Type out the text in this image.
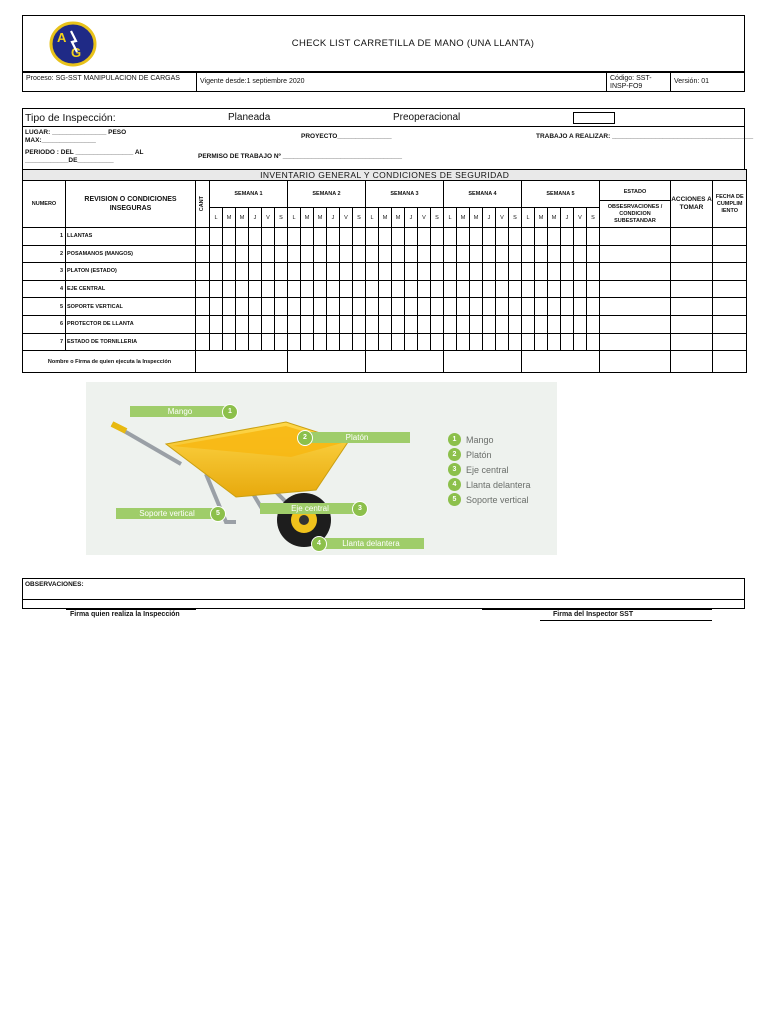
A
G
CHECK LIST CARRETILLA DE MANO (UNA LLANTA)
Proceso: SG-SST MANIPULACION DE CARGAS	Vigente desde:1 septiembre 2020	Código: SST-INSP-FO9
Versión: 01
Tipo de Inspección:	Planeada	Preoperacional
LUGAR: _______________ PESO MAX:_______________
PROYECTO_______________	TRABAJO A REALIZAR: _______________________________________
PERIODO : DEL ________________ AL ____________DE__________
PERMISO DE TRABAJO Nº _________________________________
INVENTARIO GENERAL Y CONDICIONES DE SEGURIDAD																																			
NUMERO	REVISION O CONDICIONES INSEGURAS	CANT	SEMANA 1						SEMANA 2						SEMANA 3						SEMANA 4						SEMANA 5						ESTADO
OBSESRVACIONES / CONDICION SUBESTANDAR	ACCIONES A TOMAR	FECHA DE CUMPLIM IENTO
			L	M	M	J	V	S	L	M	M	J	V	S	L	M	M	J	V	S	L	M	M	J	V	S	L	M	M	J	V	S			
1	LLANTAS																																		
2	POSAMANOS (MANGOS)																																		
3	PLATON (ESTADO)																																		
4	EJE CENTRAL																																		
5	SOPORTE VERTICAL																																		
6	PROTECTOR DE LLANTA																																		
7	ESTADO DE TORNILLERIA																																		
Nombre o Firma de quien ejecuta la Inspección																																			
Mango	1
Platón
2
Eje central	3
Llanta delantera
4
Soporte vertical	5
1	Mango
2	Platón
3	Eje central
4	Llanta delantera
5	Soporte vertical
OBSERVACIONES:
Firma quien realiza la Inspección	Firma del Inspector SST
